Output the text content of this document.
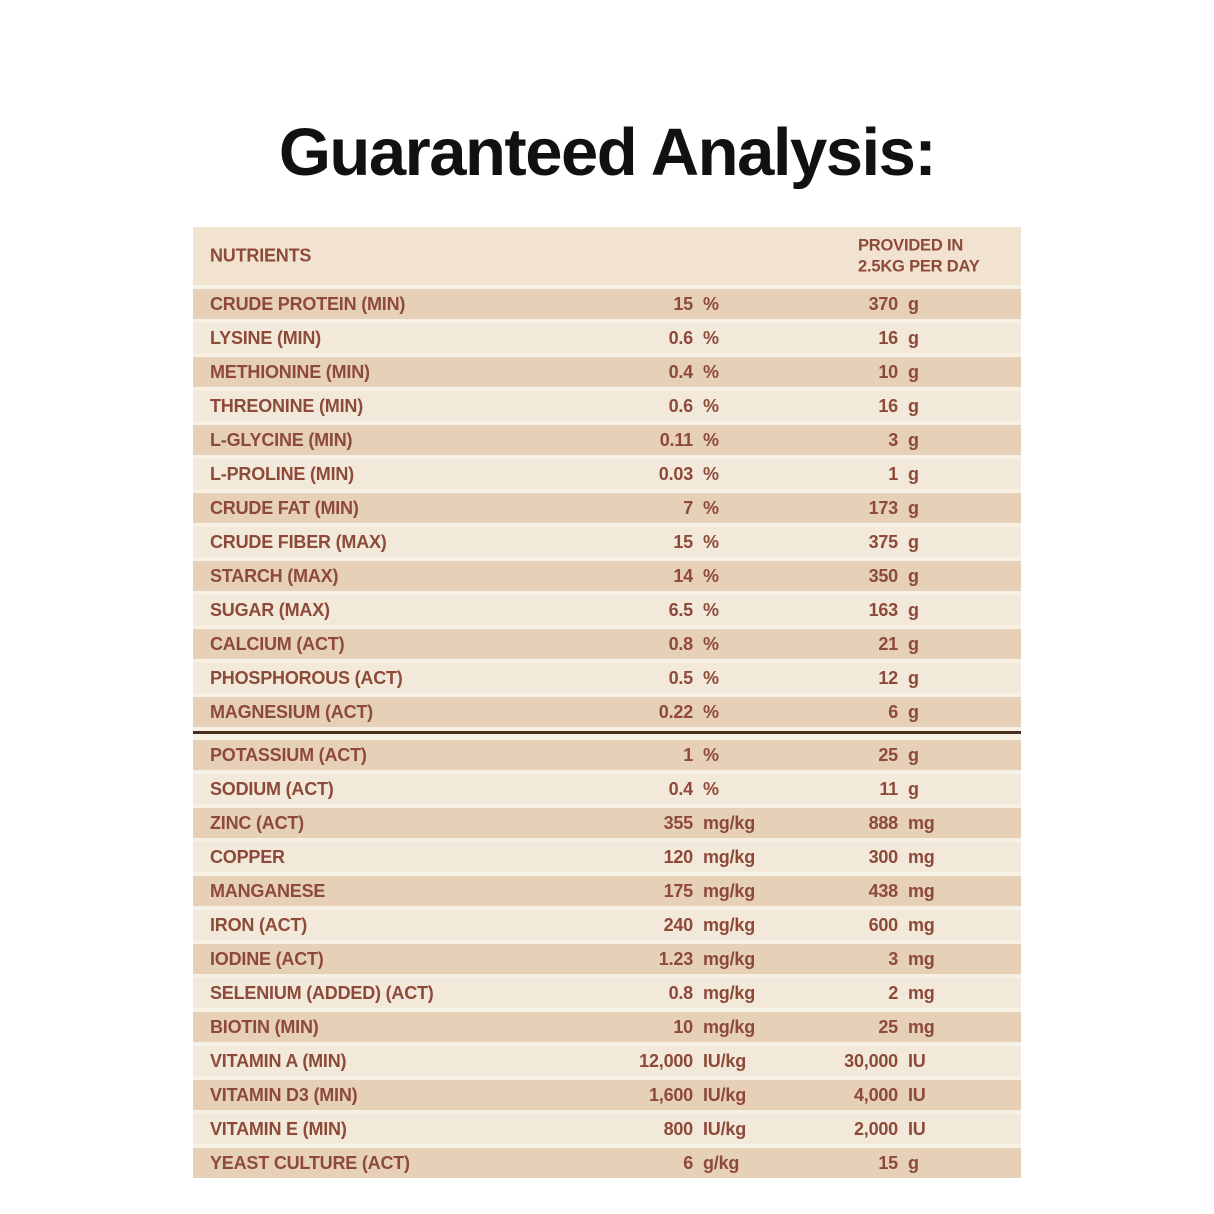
Guaranteed Analysis:
NUTRIENTS
PROVIDED IN
2.5KG PER DAY
CRUDE PROTEIN (MIN)	15 %	370 g
LYSINE (MIN)	0.6 %	16 g
METHIONINE (MIN)	0.4 %	10 g
THREONINE (MIN)	0.6 %	16 g
L-GLYCINE (MIN)	0.11 %	3 g
L-PROLINE (MIN)	0.03 %	1 g
CRUDE FAT (MIN)	7 %	173 g
CRUDE FIBER (MAX)	15 %	375 g
STARCH (MAX)	14 %	350 g
SUGAR (MAX)	6.5 %	163 g
CALCIUM (ACT)	0.8 %	21 g
PHOSPHOROUS (ACT)	0.5 %	12 g
MAGNESIUM (ACT)	0.22 %	6 g
POTASSIUM (ACT)	1 %	25 g
SODIUM (ACT)	0.4 %	11 g
ZINC (ACT)	355 mg/kg	888 mg
COPPER	120 mg/kg	300 mg
MANGANESE	175 mg/kg	438 mg
IRON (ACT)	240 mg/kg	600 mg
IODINE (ACT)	1.23 mg/kg	3 mg
SELENIUM (ADDED) (ACT)	0.8 mg/kg	2 mg
BIOTIN (MIN)	10 mg/kg	25 mg
VITAMIN A (MIN)	12,000 IU/kg	30,000 IU
VITAMIN D3 (MIN)	1,600 IU/kg	4,000 IU
VITAMIN E (MIN)	800 IU/kg	2,000 IU
YEAST CULTURE (ACT)	6 g/kg	15 g
